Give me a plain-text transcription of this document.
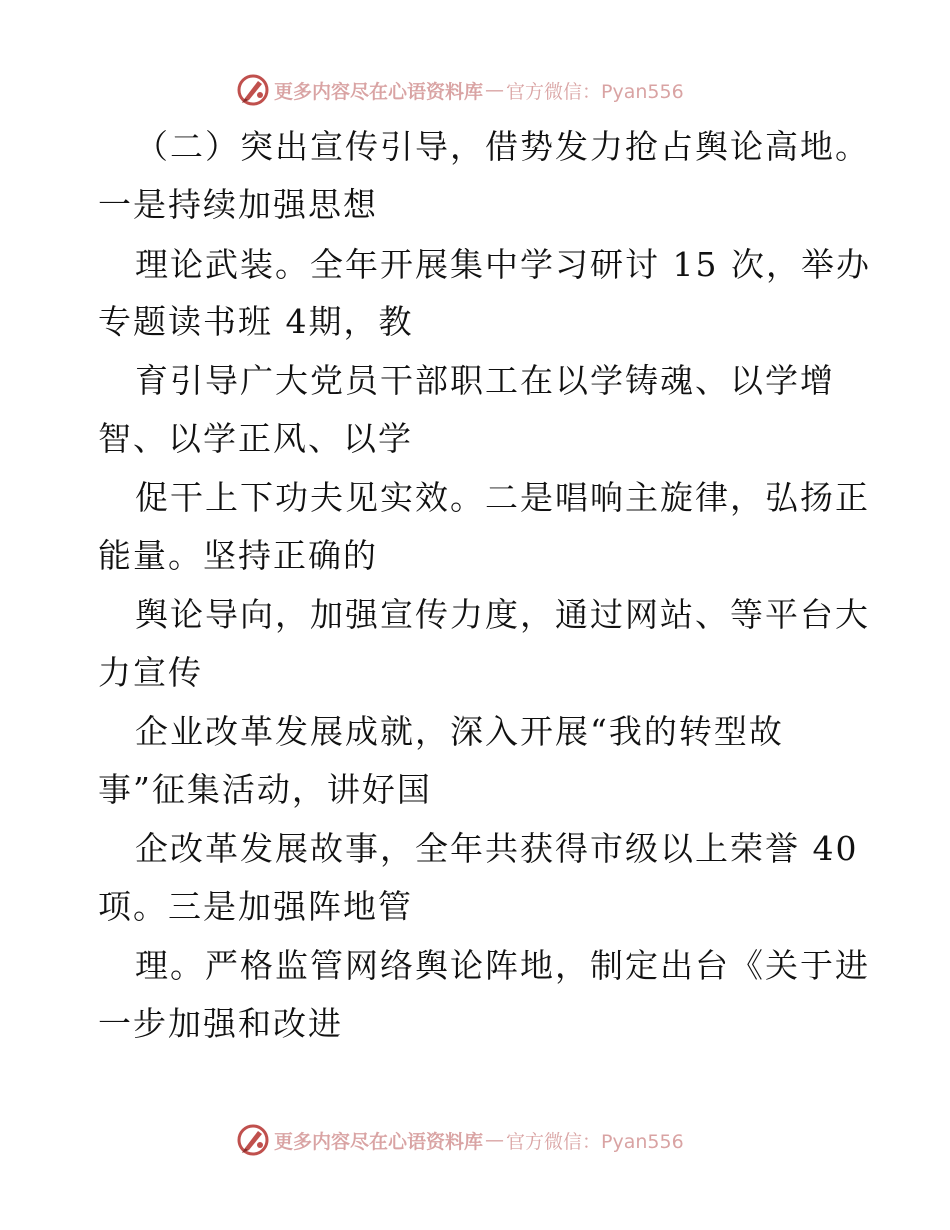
更多内容尽在心语资料库 — 官方微信：Pyan556
（二）突出宣传引导，借势发力抢占舆论高地。
一是持续加强思想
理论武装。全年开展集中学习研讨 15 次，举办
专题读书班 4期，教
育引导广大党员干部职工在以学铸魂、以学增
智、以学正风、以学
促干上下功夫见实效。二是唱响主旋律，弘扬正
能量。坚持正确的
舆论导向，加强宣传力度，通过网站、等平台大
力宣传
企业改革发展成就，深入开展“我的转型故
事”征集活动，讲好国
企改革发展故事，全年共获得市级以上荣誉 40
项。三是加强阵地管
理。严格监管网络舆论阵地，制定出台《关于进
一步加强和改进
更多内容尽在心语资料库 — 官方微信：Pyan556
